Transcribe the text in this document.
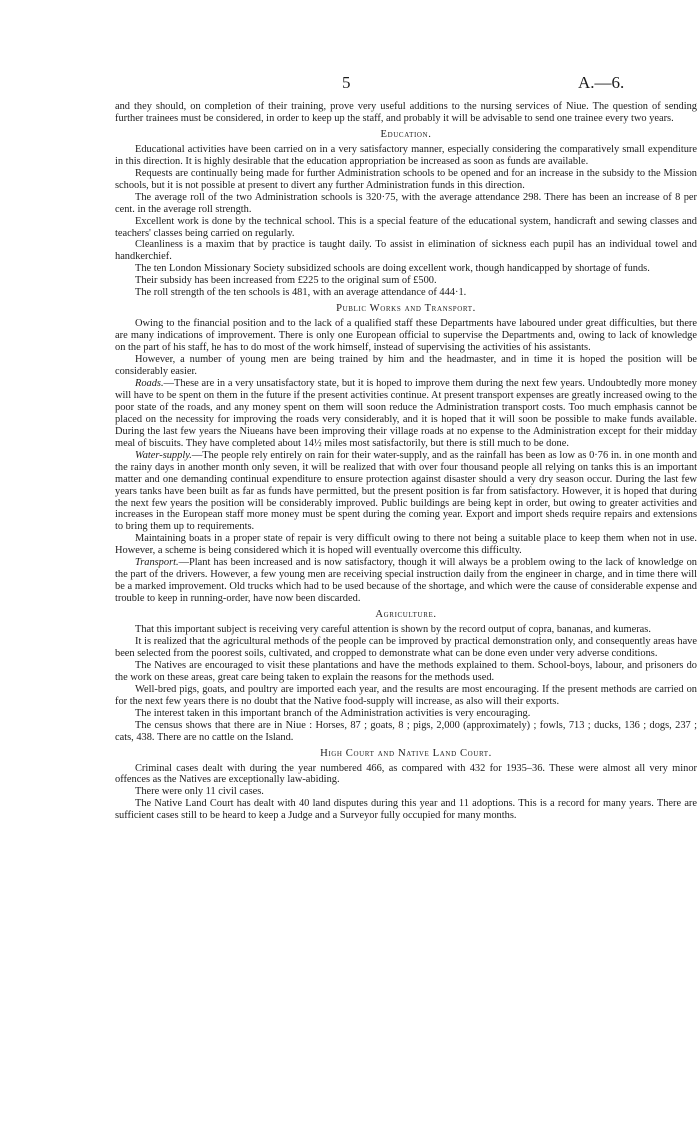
5	A.—6.

and they should, on completion of their training, prove very useful additions to the nursing services of Niue. The question of sending further trainees must be considered, in order to keep up the staff, and probably it will be advisable to send one trainee every two years.

Education.

Educational activities have been carried on in a very satisfactory manner, especially considering the comparatively small expenditure in this direction. It is highly desirable that the education appropriation be increased as soon as funds are available.

Requests are continually being made for further Administration schools to be opened and for an increase in the subsidy to the Mission schools, but it is not possible at present to divert any further Administration funds in this direction.

The average roll of the two Administration schools is 320·75, with the average attendance 298. There has been an increase of 8 per cent. in the average roll strength.

Excellent work is done by the technical school. This is a special feature of the educational system, handicraft and sewing classes and teachers' classes being carried on regularly.

Cleanliness is a maxim that by practice is taught daily. To assist in elimination of sickness each pupil has an individual towel and handkerchief.

The ten London Missionary Society subsidized schools are doing excellent work, though handicapped by shortage of funds.

Their subsidy has been increased from £225 to the original sum of £500.

The roll strength of the ten schools is 481, with an average attendance of 444·1.

Public Works and Transport.

Owing to the financial position and to the lack of a qualified staff these Departments have laboured under great difficulties, but there are many indications of improvement. There is only one European official to supervise the Departments and, owing to lack of knowledge on the part of his staff, he has to do most of the work himself, instead of supervising the activities of his assistants.

However, a number of young men are being trained by him and the headmaster, and in time it is hoped the position will be considerably easier.

Roads.—These are in a very unsatisfactory state, but it is hoped to improve them during the next few years. Undoubtedly more money will have to be spent on them in the future if the present activities continue. At present transport expenses are greatly increased owing to the poor state of the roads, and any money spent on them will soon reduce the Administration transport costs. Too much emphasis cannot be placed on the necessity for improving the roads very considerably, and it is hoped that it will soon be possible to make funds available. During the last few years the Niueans have been improving their village roads at no expense to the Administration except for their midday meal of biscuits. They have completed about 14½ miles most satisfactorily, but there is still much to be done.

Water-supply.—The people rely entirely on rain for their water-supply, and as the rainfall has been as low as 0·76 in. in one month and the rainy days in another month only seven, it will be realized that with over four thousand people all relying on tanks this is an important matter and one demanding continual expenditure to ensure protection against disaster should a very dry season occur. During the last few years tanks have been built as far as funds have permitted, but the present position is far from satisfactory. However, it is hoped that during the next few years the position will be considerably improved. Public buildings are being kept in order, but owing to greater activities and increases in the European staff more money must be spent during the coming year. Export and import sheds require repairs and extensions to bring them up to requirements.

Maintaining boats in a proper state of repair is very difficult owing to there not being a suitable place to keep them when not in use. However, a scheme is being considered which it is hoped will eventually overcome this difficulty.

Transport.—Plant has been increased and is now satisfactory, though it will always be a problem owing to the lack of knowledge on the part of the drivers. However, a few young men are receiving special instruction daily from the engineer in charge, and in time there will be a marked improvement. Old trucks which had to be used because of the shortage, and which were the cause of considerable expense and trouble to keep in running-order, have now been discarded.

Agriculture.

That this important subject is receiving very careful attention is shown by the record output of copra, bananas, and kumeras.

It is realized that the agricultural methods of the people can be improved by practical demonstration only, and consequently areas have been selected from the poorest soils, cultivated, and cropped to demonstrate what can be done even under very adverse conditions.

The Natives are encouraged to visit these plantations and have the methods explained to them. School-boys, labour, and prisoners do the work on these areas, great care being taken to explain the reasons for the methods used.

Well-bred pigs, goats, and poultry are imported each year, and the results are most encouraging. If the present methods are carried on for the next few years there is no doubt that the Native food-supply will increase, as also will their exports.

The interest taken in this important branch of the Administration activities is very encouraging.

The census shows that there are in Niue : Horses, 87 ; goats, 8 ; pigs, 2,000 (approximately) ; fowls, 713 ; ducks, 136 ; dogs, 237 ; cats, 438. There are no cattle on the Island.

High Court and Native Land Court.

Criminal cases dealt with during the year numbered 466, as compared with 432 for 1935–36. These were almost all very minor offences as the Natives are exceptionally law-abiding.

There were only 11 civil cases.

The Native Land Court has dealt with 40 land disputes during this year and 11 adoptions. This is a record for many years. There are sufficient cases still to be heard to keep a Judge and a Surveyor fully occupied for many months.
